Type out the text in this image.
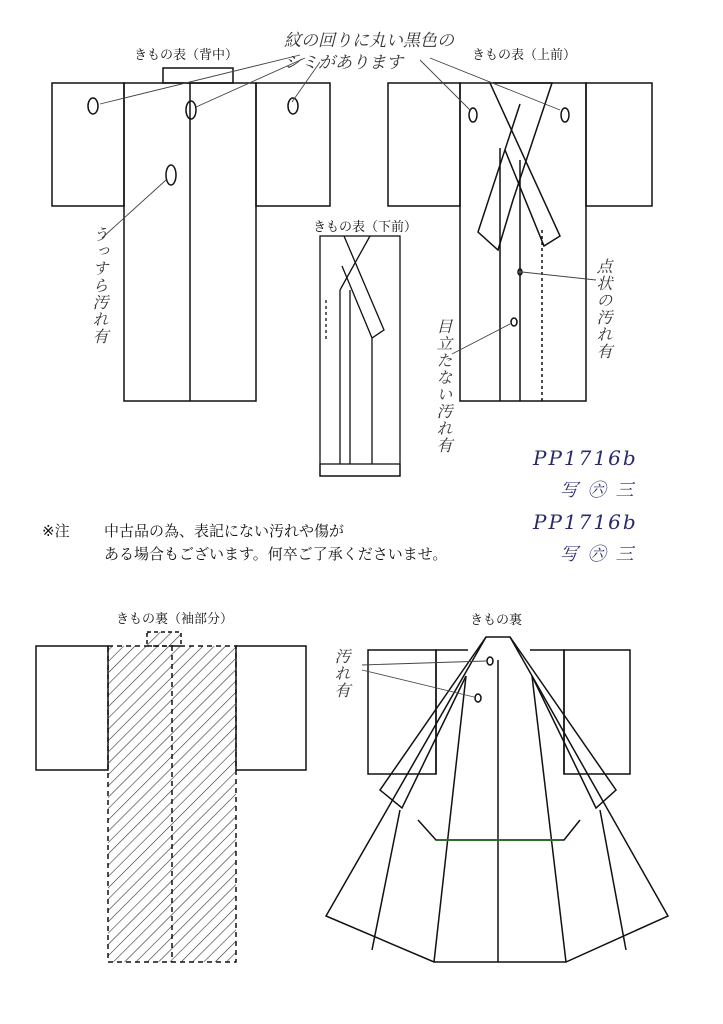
きもの表（背中）	きもの表（上前）
きもの表（下前）
きもの裏（袖部分）	きもの裏
紋の回りに丸い黒色のシミがあります
うっすら汚れ有	点状の汚れ有
目立たない汚れ有
汚れ有
PP1716b
写 ㊅ 三
PP1716b
写 ㊅ 三
※注 中古品の為、表記にない汚れや傷が
ある場合もございます。何卒ご了承くださいませ。
